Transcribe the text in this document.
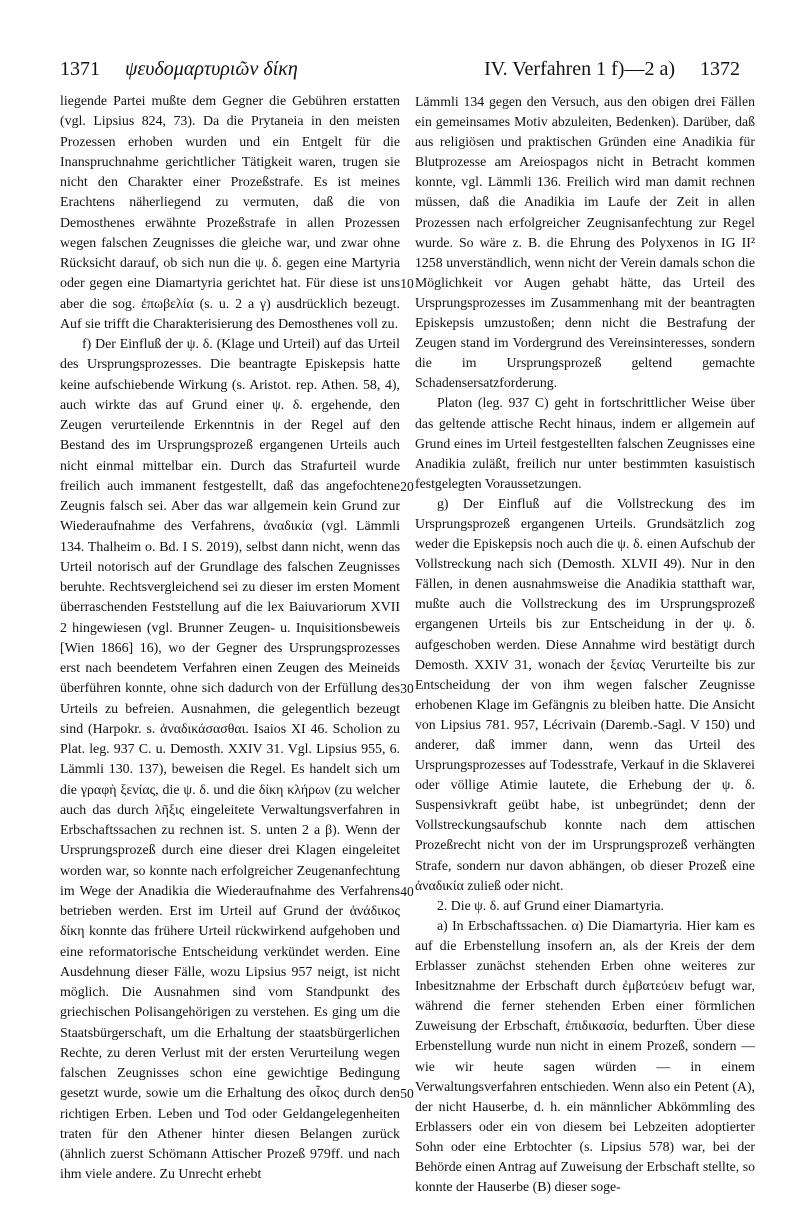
1371 ψευδομαρτυριῶν δίκη	IV. Verfahren 1 f)—2 a) 1372

liegende Partei mußte dem Gegner die Gebühren erstatten (vgl. Lipsius 824, 73). Da die Prytaneia in den meisten Prozessen erhoben wurden und ein Entgelt für die Inanspruchnahme gerichtlicher Tätigkeit waren, trugen sie nicht den Charakter einer Prozeßstrafe. Es ist meines Erachtens näherliegend zu vermuten, daß die von Demosthenes erwähnte Prozeßstrafe in allen Prozessen wegen falschen Zeugnisses die gleiche war, und zwar ohne Rücksicht darauf, ob sich nun die ψ. δ. gegen eine Martyria oder gegen eine Diamartyria gerichtet hat. Für diese ist uns aber die sog. ἐπωβελία (s. u. 2 a γ) ausdrücklich bezeugt. Auf sie trifft die Charakterisierung des Demosthenes voll zu.

f) Der Einfluß der ψ. δ. (Klage und Urteil) auf das Urteil des Ursprungsprozesses. Die beantragte Episkepsis hatte keine aufschiebende Wirkung (s. Aristot. rep. Athen. 58, 4), auch wirkte das auf Grund einer ψ. δ. ergehende, den Zeugen verurteilende Erkenntnis in der Regel auf den Bestand des im Ursprungsprozeß ergangenen Urteils auch nicht einmal mittelbar ein. Durch das Strafurteil wurde freilich auch immanent festgestellt, daß das angefochtene Zeugnis falsch sei. Aber das war allgemein kein Grund zur Wiederaufnahme des Verfahrens, ἀναδικία (vgl. Lämmli 134. Thalheim o. Bd. I S. 2019), selbst dann nicht, wenn das Urteil notorisch auf der Grundlage des falschen Zeugnisses beruhte. Rechtsvergleichend sei zu dieser im ersten Moment überraschenden Feststellung auf die lex Baiuvariorum XVII 2 hingewiesen (vgl. Brunner Zeugen- u. Inquisitionsbeweis [Wien 1866] 16), wo der Gegner des Ursprungsprozesses erst nach beendetem Verfahren einen Zeugen des Meineids überführen konnte, ohne sich dadurch von der Erfüllung des Urteils zu befreien. Ausnahmen, die gelegentlich bezeugt sind (Harpokr. s. ἀναδικάσασθαι. Isaios XI 46. Scholion zu Plat. leg. 937 C. u. Demosth. XXIV 31. Vgl. Lipsius 955, 6. Lämmli 130. 137), beweisen die Regel. Es handelt sich um die γραφὴ ξενίας, die ψ. δ. und die δίκη κλήρων (zu welcher auch das durch λῆξις eingeleitete Verwaltungsverfahren in Erbschaftssachen zu rechnen ist. S. unten 2 a β). Wenn der Ursprungsprozeß durch eine dieser drei Klagen eingeleitet worden war, so konnte nach erfolgreicher Zeugenanfechtung im Wege der Anadikia die Wiederaufnahme des Verfahrens betrieben werden. Erst im Urteil auf Grund der ἀνάδικος δίκη konnte das frühere Urteil rückwirkend aufgehoben und eine reformatorische Entscheidung verkündet werden. Eine Ausdehnung dieser Fälle, wozu Lipsius 957 neigt, ist nicht möglich. Die Ausnahmen sind vom Standpunkt des griechischen Polisangehörigen zu verstehen. Es ging um die Staatsbürgerschaft, um die Erhaltung der staatsbürgerlichen Rechte, zu deren Verlust mit der ersten Verurteilung wegen falschen Zeugnisses schon eine gewichtige Bedingung gesetzt wurde, sowie um die Erhaltung des οἶκος durch den richtigen Erben. Leben und Tod oder Geldangelegenheiten traten für den Athener hinter diesen Belangen zurück (ähnlich zuerst Schömann Attischer Prozeß 979ff. und nach ihm viele andere. Zu Unrecht erhebt

Lämmli 134 gegen den Versuch, aus den obigen drei Fällen ein gemeinsames Motiv abzuleiten, Bedenken). Darüber, daß aus religiösen und praktischen Gründen eine Anadikia für Blutprozesse am Areiospagos nicht in Betracht kommen konnte, vgl. Lämmli 136. Freilich wird man damit rechnen müssen, daß die Anadikia im Laufe der Zeit in allen Prozessen nach erfolgreicher Zeugnisanfechtung zur Regel wurde. So wäre z. B. die Ehrung des Polyxenos in IG II² 1258 unverständlich, wenn nicht der Verein damals schon die Möglichkeit vor Augen gehabt hätte, das Urteil des Ursprungsprozesses im Zusammenhang mit der beantragten Episkepsis umzustoßen; denn nicht die Bestrafung der Zeugen stand im Vordergrund des Vereinsinteresses, sondern die im Ursprungsprozeß geltend gemachte Schadensersatzforderung.

Platon (leg. 937 C) geht in fortschrittlicher Weise über das geltende attische Recht hinaus, indem er allgemein auf Grund eines im Urteil festgestellten falschen Zeugnisses eine Anadikia zuläßt, freilich nur unter bestimmten kasuistisch festgelegten Voraussetzungen.

g) Der Einfluß auf die Vollstreckung des im Ursprungsprozeß ergangenen Urteils. Grundsätzlich zog weder die Episkepsis noch auch die ψ. δ. einen Aufschub der Vollstreckung nach sich (Demosth. XLVII 49). Nur in den Fällen, in denen ausnahmsweise die Anadikia statthaft war, mußte auch die Vollstreckung des im Ursprungsprozeß ergangenen Urteils bis zur Entscheidung in der ψ. δ. aufgeschoben werden. Diese Annahme wird bestätigt durch Demosth. XXIV 31, wonach der ξενίας Verurteilte bis zur Entscheidung der von ihm wegen falscher Zeugnisse erhobenen Klage im Gefängnis zu bleiben hatte. Die Ansicht von Lipsius 781. 957, Lécrivain (Daremb.-Sagl. V 150) und anderer, daß immer dann, wenn das Urteil des Ursprungsprozesses auf Todesstrafe, Verkauf in die Sklaverei oder völlige Atimie lautete, die Erhebung der ψ. δ. Suspensivkraft geübt habe, ist unbegründet; denn der Vollstreckungsaufschub konnte nach dem attischen Prozeßrecht nicht von der im Ursprungsprozeß verhängten Strafe, sondern nur davon abhängen, ob dieser Prozeß eine ἀναδικία zuließ oder nicht.

2. Die ψ. δ. auf Grund einer Diamartyria.

a) In Erbschaftssachen. α) Die Diamartyria. Hier kam es auf die Erbenstellung insofern an, als der Kreis der dem Erblasser zunächst stehenden Erben ohne weiteres zur Inbesitznahme der Erbschaft durch ἐμβατεύειν befugt war, während die ferner stehenden Erben einer förmlichen Zuweisung der Erbschaft, ἐπιδικασία, bedurften. Über diese Erbenstellung wurde nun nicht in einem Prozeß, sondern — wie wir heute sagen würden — in einem Verwaltungsverfahren entschieden. Wenn also ein Petent (A), der nicht Hauserbe, d. h. ein männlicher Abkömmling des Erblassers oder ein von diesem bei Lebzeiten adoptierter Sohn oder eine Erbtochter (s. Lipsius 578) war, bei der Behörde einen Antrag auf Zuweisung der Erbschaft stellte, so konnte der Hauserbe (B) dieser soge-

10
20
30
40
50
